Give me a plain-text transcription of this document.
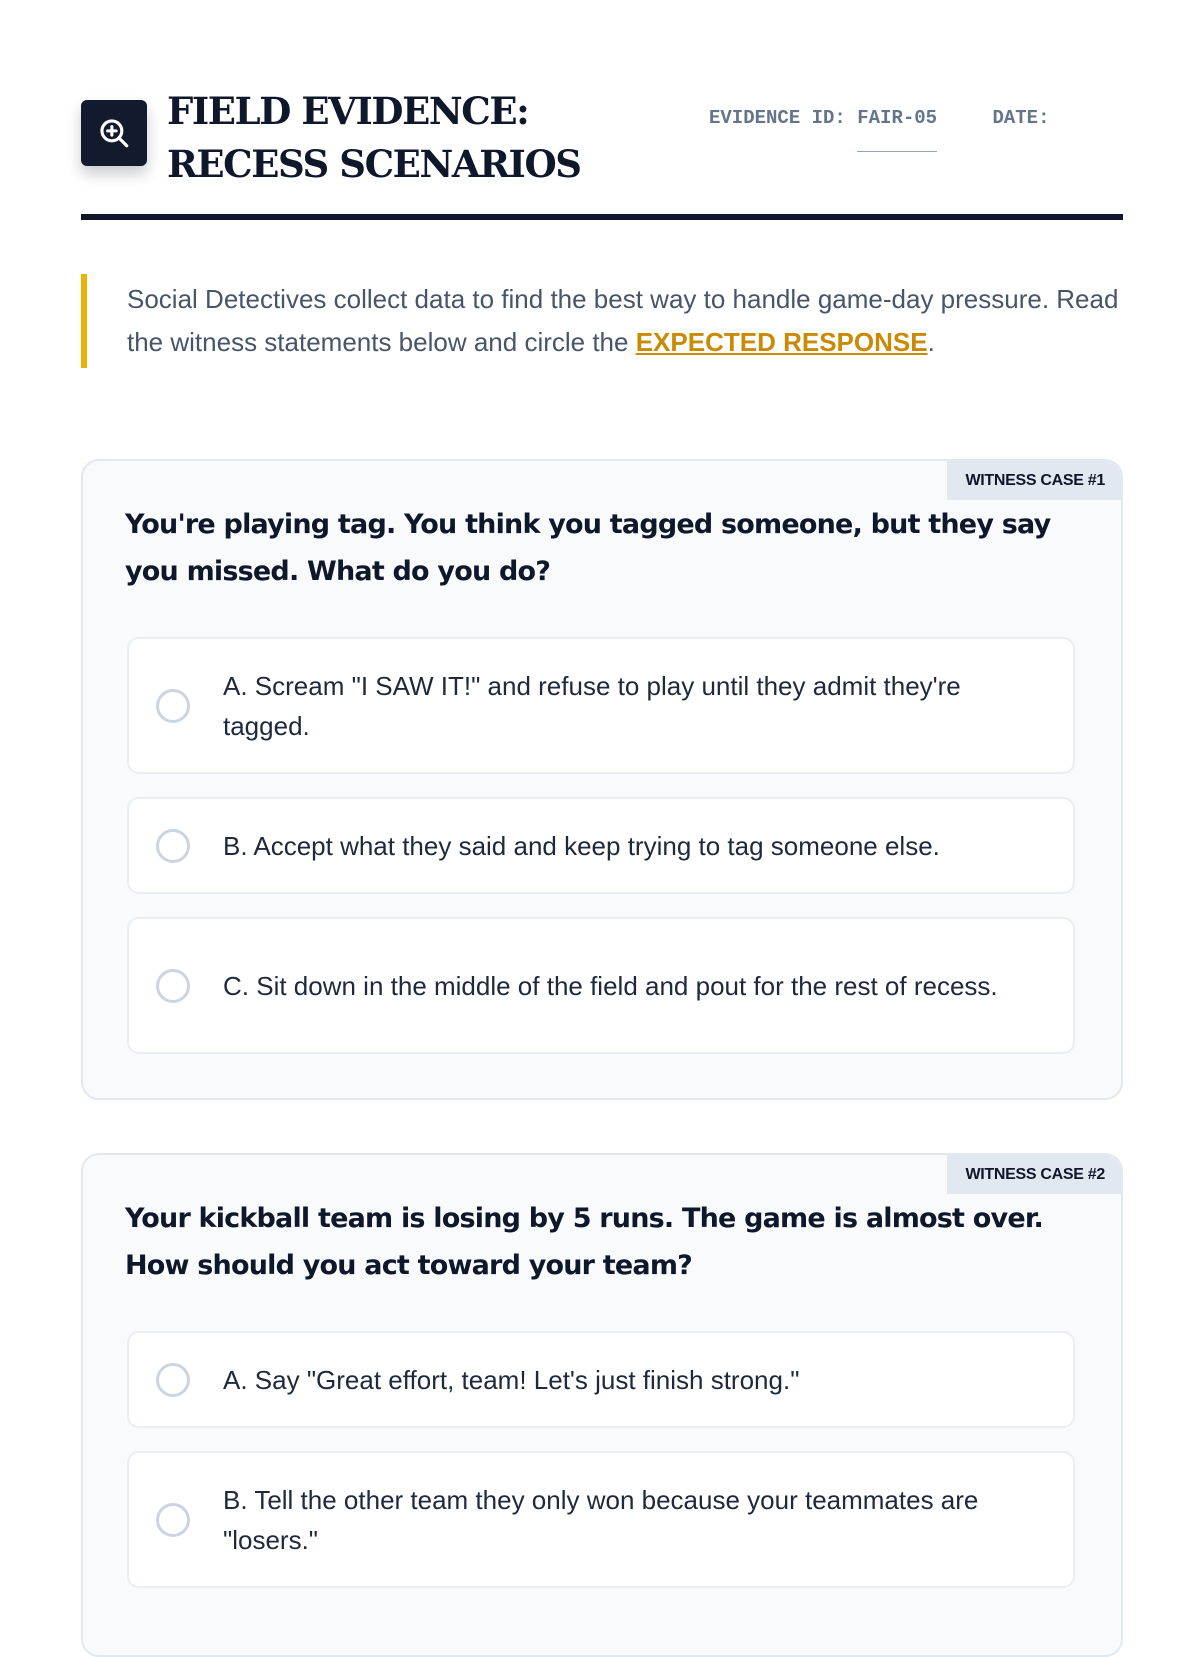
FIELD EVIDENCE: RECESS SCENARIOS
EVIDENCE ID: FAIR-05	DATE:
Social Detectives collect data to find the best way to handle game-day pressure. Read the witness statements below and circle the EXPECTED RESPONSE.
WITNESS CASE #1
You're playing tag. You think you tagged someone, but they say you missed. What do you do?
A. Scream "I SAW IT!" and refuse to play until they admit they're tagged.
B. Accept what they said and keep trying to tag someone else.
C. Sit down in the middle of the field and pout for the rest of recess.
WITNESS CASE #2
Your kickball team is losing by 5 runs. The game is almost over. How should you act toward your team?
A. Say "Great effort, team! Let's just finish strong."
B. Tell the other team they only won because your teammates are "losers."
